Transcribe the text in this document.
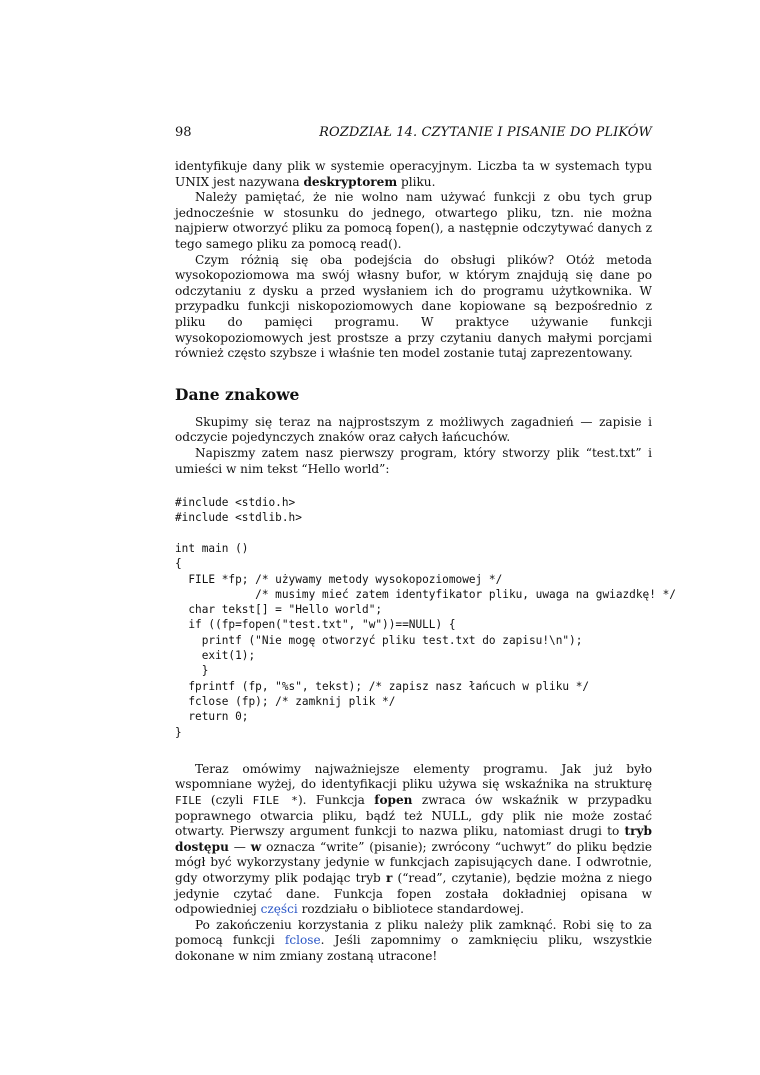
98	ROZDZIAŁ 14. CZYTANIE I PISANIE DO PLIKÓW

identyfikuje dany plik w systemie operacyjnym. Liczba ta w systemach typu UNIX jest nazywana deskryptorem pliku.

Należy pamiętać, że nie wolno nam używać funkcji z obu tych grup jednocześnie w stosunku do jednego, otwartego pliku, tzn. nie można najpierw otworzyć pliku za pomocą fopen(), a następnie odczytywać danych z tego samego pliku za pomocą read().

Czym różnią się oba podejścia do obsługi plików? Otóż metoda wysokopoziomowa ma swój własny bufor, w którym znajdują się dane po odczytaniu z dysku a przed wysłaniem ich do programu użytkownika. W przypadku funkcji niskopoziomowych dane kopiowane są bezpośrednio z pliku do pamięci programu. W praktyce używanie funkcji wysokopoziomowych jest prostsze a przy czytaniu danych małymi porcjami również często szybsze i właśnie ten model zostanie tutaj zaprezentowany.

Dane znakowe

Skupimy się teraz na najprostszym z możliwych zagadnień — zapisie i odczycie pojedynczych znaków oraz całych łańcuchów.

Napiszmy zatem nasz pierwszy program, który stworzy plik “test.txt” i umieści w nim tekst “Hello world”:

#include <stdio.h>
#include <stdlib.h>

int main ()
{
FILE *fp; /* używamy metody wysokopoziomowej */
/* musimy mieć zatem identyfikator pliku, uwaga na gwiazdkę! */
char tekst[] = "Hello world";
if ((fp=fopen("test.txt", "w"))==NULL) {
printf ("Nie mogę otworzyć pliku test.txt do zapisu!\n");
exit(1);
}
fprintf (fp, "%s", tekst); /* zapisz nasz łańcuch w pliku */
fclose (fp); /* zamknij plik */
return 0;
}

Teraz omówimy najważniejsze elementy programu. Jak już było wspomniane wyżej, do identyfikacji pliku używa się wskaźnika na strukturę FILE (czyli FILE *). Funkcja fopen zwraca ów wskaźnik w przypadku poprawnego otwarcia pliku, bądź też NULL, gdy plik nie może zostać otwarty. Pierwszy argument funkcji to nazwa pliku, natomiast drugi to tryb dostępu — w oznacza “write” (pisanie); zwrócony “uchwyt” do pliku będzie mógł być wykorzystany jedynie w funkcjach zapisujących dane. I odwrotnie, gdy otworzymy plik podając tryb r (“read”, czytanie), będzie można z niego jedynie czytać dane. Funkcja fopen została dokładniej opisana w odpowiedniej części rozdziału o bibliotece standardowej.

Po zakończeniu korzystania z pliku należy plik zamknąć. Robi się to za pomocą funkcji fclose. Jeśli zapomnimy o zamknięciu pliku, wszystkie dokonane w nim zmiany zostaną utracone!
